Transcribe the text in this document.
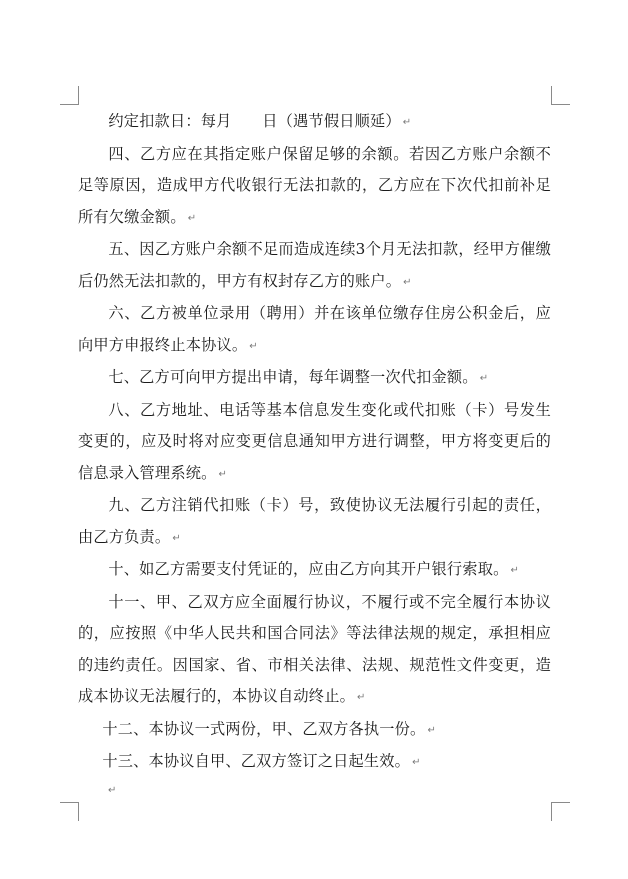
约定扣款日：每月　　日（遇节假日顺延） ↵

四、乙方应在其指定账户保留足够的余额。若因乙方账户余额不足等原因，造成甲方代收银行无法扣款的，乙方应在下次代扣前补足所有欠缴金额。 ↵

五、因乙方账户余额不足而造成连续3个月无法扣款，经甲方催缴后仍然无法扣款的，甲方有权封存乙方的账户。 ↵

六、乙方被单位录用（聘用）并在该单位缴存住房公积金后，应向甲方申报终止本协议。 ↵

七、乙方可向甲方提出申请，每年调整一次代扣金额。 ↵

八、乙方地址、电话等基本信息发生变化或代扣账（卡）号发生变更的，应及时将对应变更信息通知甲方进行调整，甲方将变更后的信息录入管理系统。 ↵

九、乙方注销代扣账（卡）号，致使协议无法履行引起的责任，由乙方负责。 ↵

十、如乙方需要支付凭证的，应由乙方向其开户银行索取。 ↵

十一、甲、乙双方应全面履行协议，不履行或不完全履行本协议的，应按照《中华人民共和国合同法》等法律法规的规定，承担相应的违约责任。因国家、省、市相关法律、法规、规范性文件变更，造成本协议无法履行的，本协议自动终止。 ↵

十二、本协议一式两份，甲、乙双方各执一份。 ↵

十三、本协议自甲、乙双方签订之日起生效。 ↵

↵
